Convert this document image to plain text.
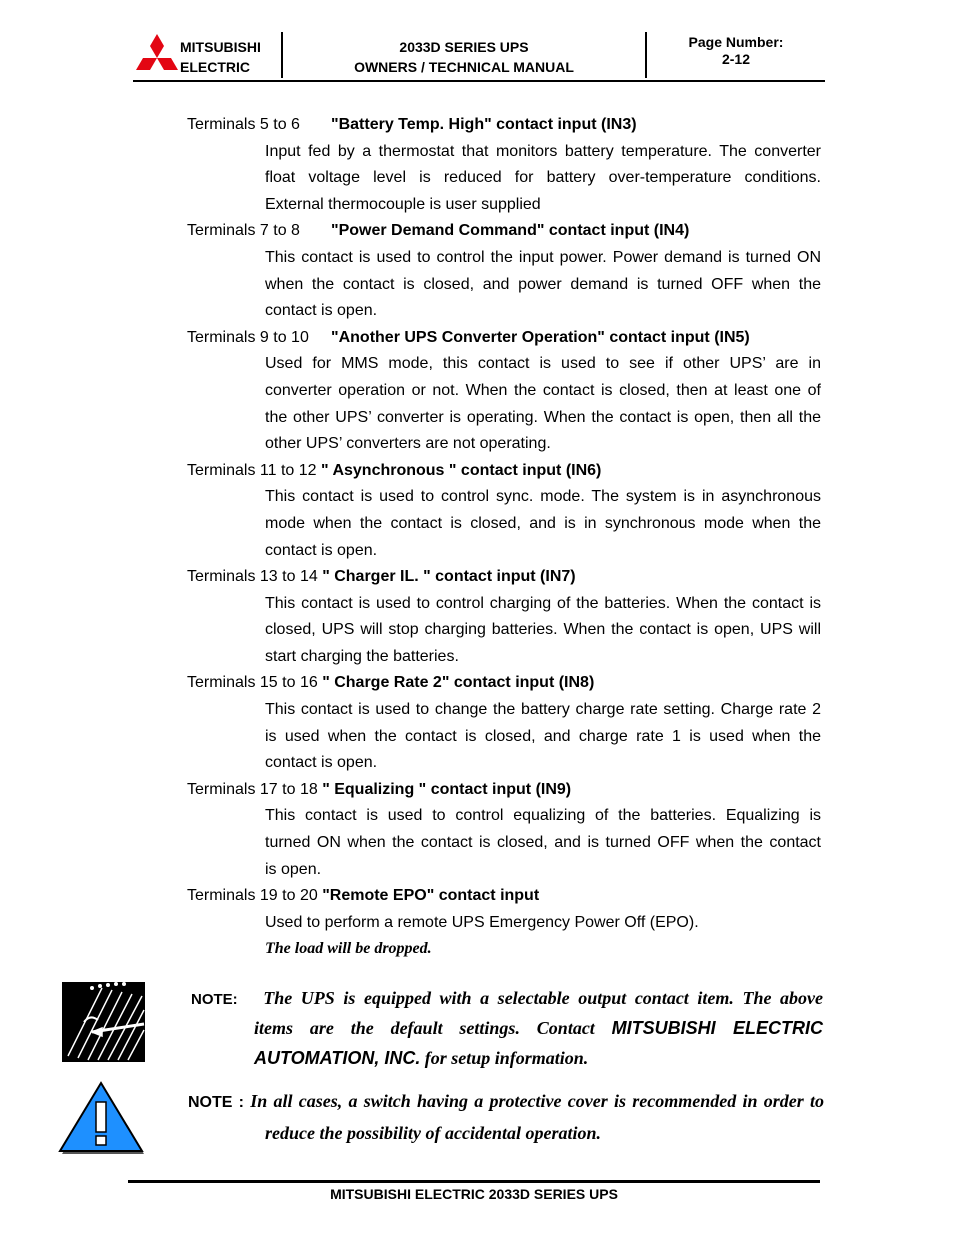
MITSUBISHI
ELECTRIC
2033D SERIES UPS
OWNERS / TECHNICAL MANUAL
Page Number:
2-12
Terminals 5 to 6 "Battery Temp. High" contact input (IN3)
Input fed by a thermostat that monitors battery temperature. The converter
float voltage level is reduced for battery over-temperature conditions.
External thermocouple is user supplied
Terminals 7 to 8 "Power Demand Command" contact input (IN4)
This contact is used to control the input power. Power demand is turned ON
when the contact is closed, and power demand is turned OFF when the
contact is open.
Terminals 9 to 10 "Another UPS Converter Operation" contact input (IN5)
Used for MMS mode, this contact is used to see if other UPS’ are in
converter operation or not. When the contact is closed, then at least one of
the other UPS’ converter is operating. When the contact is open, then all the
other UPS’ converters are not operating.
Terminals 11 to 12 " Asynchronous " contact input (IN6)
This contact is used to control sync. mode. The system is in asynchronous
mode when the contact is closed, and is in synchronous mode when the
contact is open.
Terminals 13 to 14 " Charger IL. " contact input (IN7)
This contact is used to control charging of the batteries. When the contact is
closed, UPS will stop charging batteries. When the contact is open, UPS will
start charging the batteries.
Terminals 15 to 16 " Charge Rate 2" contact input (IN8)
This contact is used to change the battery charge rate setting. Charge rate 2
is used when the contact is closed, and charge rate 1 is used when the
contact is open.
Terminals 17 to 18 " Equalizing " contact input (IN9)
This contact is used to control equalizing of the batteries. Equalizing is
turned ON when the contact is closed, and is turned OFF when the contact
is open.
Terminals 19 to 20 "Remote EPO" contact input
Used to perform a remote UPS Emergency Power Off (EPO).
The load will be dropped.
NOTE: The UPS is equipped with a selectable output contact item. The above
items are the default settings. Contact MITSUBISHI ELECTRIC
AUTOMATION, INC. for setup information.
NOTE : In all cases, a switch having a protective cover is recommended in order to
reduce the possibility of accidental operation.
MITSUBISHI ELECTRIC 2033D SERIES UPS
